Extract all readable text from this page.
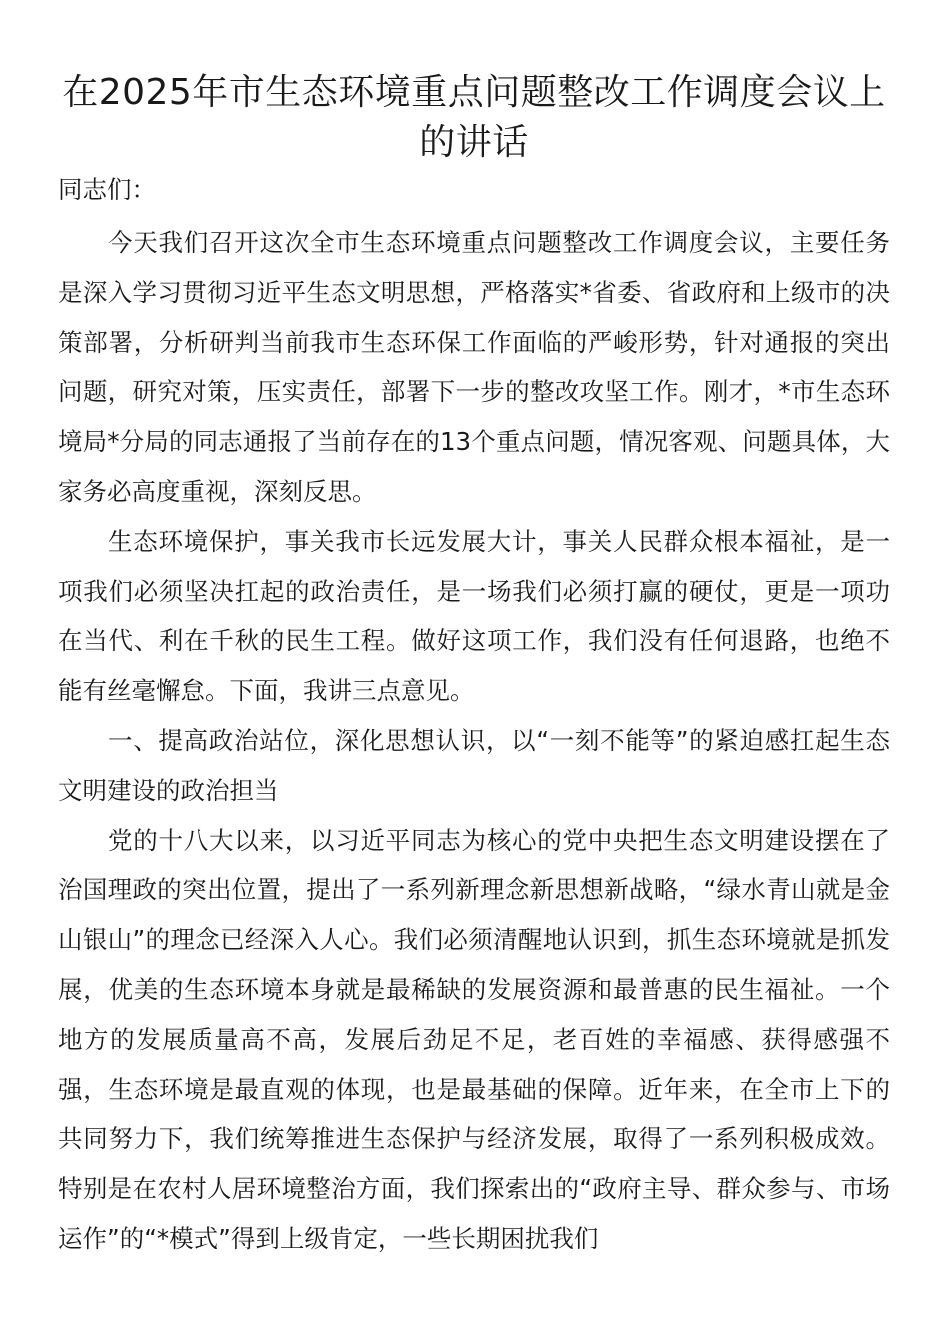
在2025年市生态环境重点问题整改工作调度会议上的讲话

同志们：

今天我们召开这次全市生态环境重点问题整改工作调度会议，主要任务是深入学习贯彻习近平生态文明思想，严格落实*省委、省政府和上级市的决策部署，分析研判当前我市生态环保工作面临的严峻形势，针对通报的突出问题，研究对策，压实责任，部署下一步的整改攻坚工作。刚才，*市生态环境局*分局的同志通报了当前存在的13个重点问题，情况客观、问题具体，大家务必高度重视，深刻反思。

生态环境保护，事关我市长远发展大计，事关人民群众根本福祉，是一项我们必须坚决扛起的政治责任，是一场我们必须打赢的硬仗，更是一项功在当代、利在千秋的民生工程。做好这项工作，我们没有任何退路，也绝不能有丝毫懈怠。下面，我讲三点意见。

一、提高政治站位，深化思想认识，以“一刻不能等”的紧迫感扛起生态文明建设的政治担当

党的十八大以来，以习近平同志为核心的党中央把生态文明建设摆在了治国理政的突出位置，提出了一系列新理念新思想新战略，“绿水青山就是金山银山”的理念已经深入人心。我们必须清醒地认识到，抓生态环境就是抓发展，优美的生态环境本身就是最稀缺的发展资源和最普惠的民生福祉。一个地方的发展质量高不高，发展后劲足不足，老百姓的幸福感、获得感强不强，生态环境是最直观的体现，也是最基础的保障。近年来，在全市上下的共同努力下，我们统筹推进生态保护与经济发展，取得了一系列积极成效。特别是在农村人居环境整治方面，我们探索出的“政府主导、群众参与、市场运作”的“*模式”得到上级肯定，一些长期困扰我们
